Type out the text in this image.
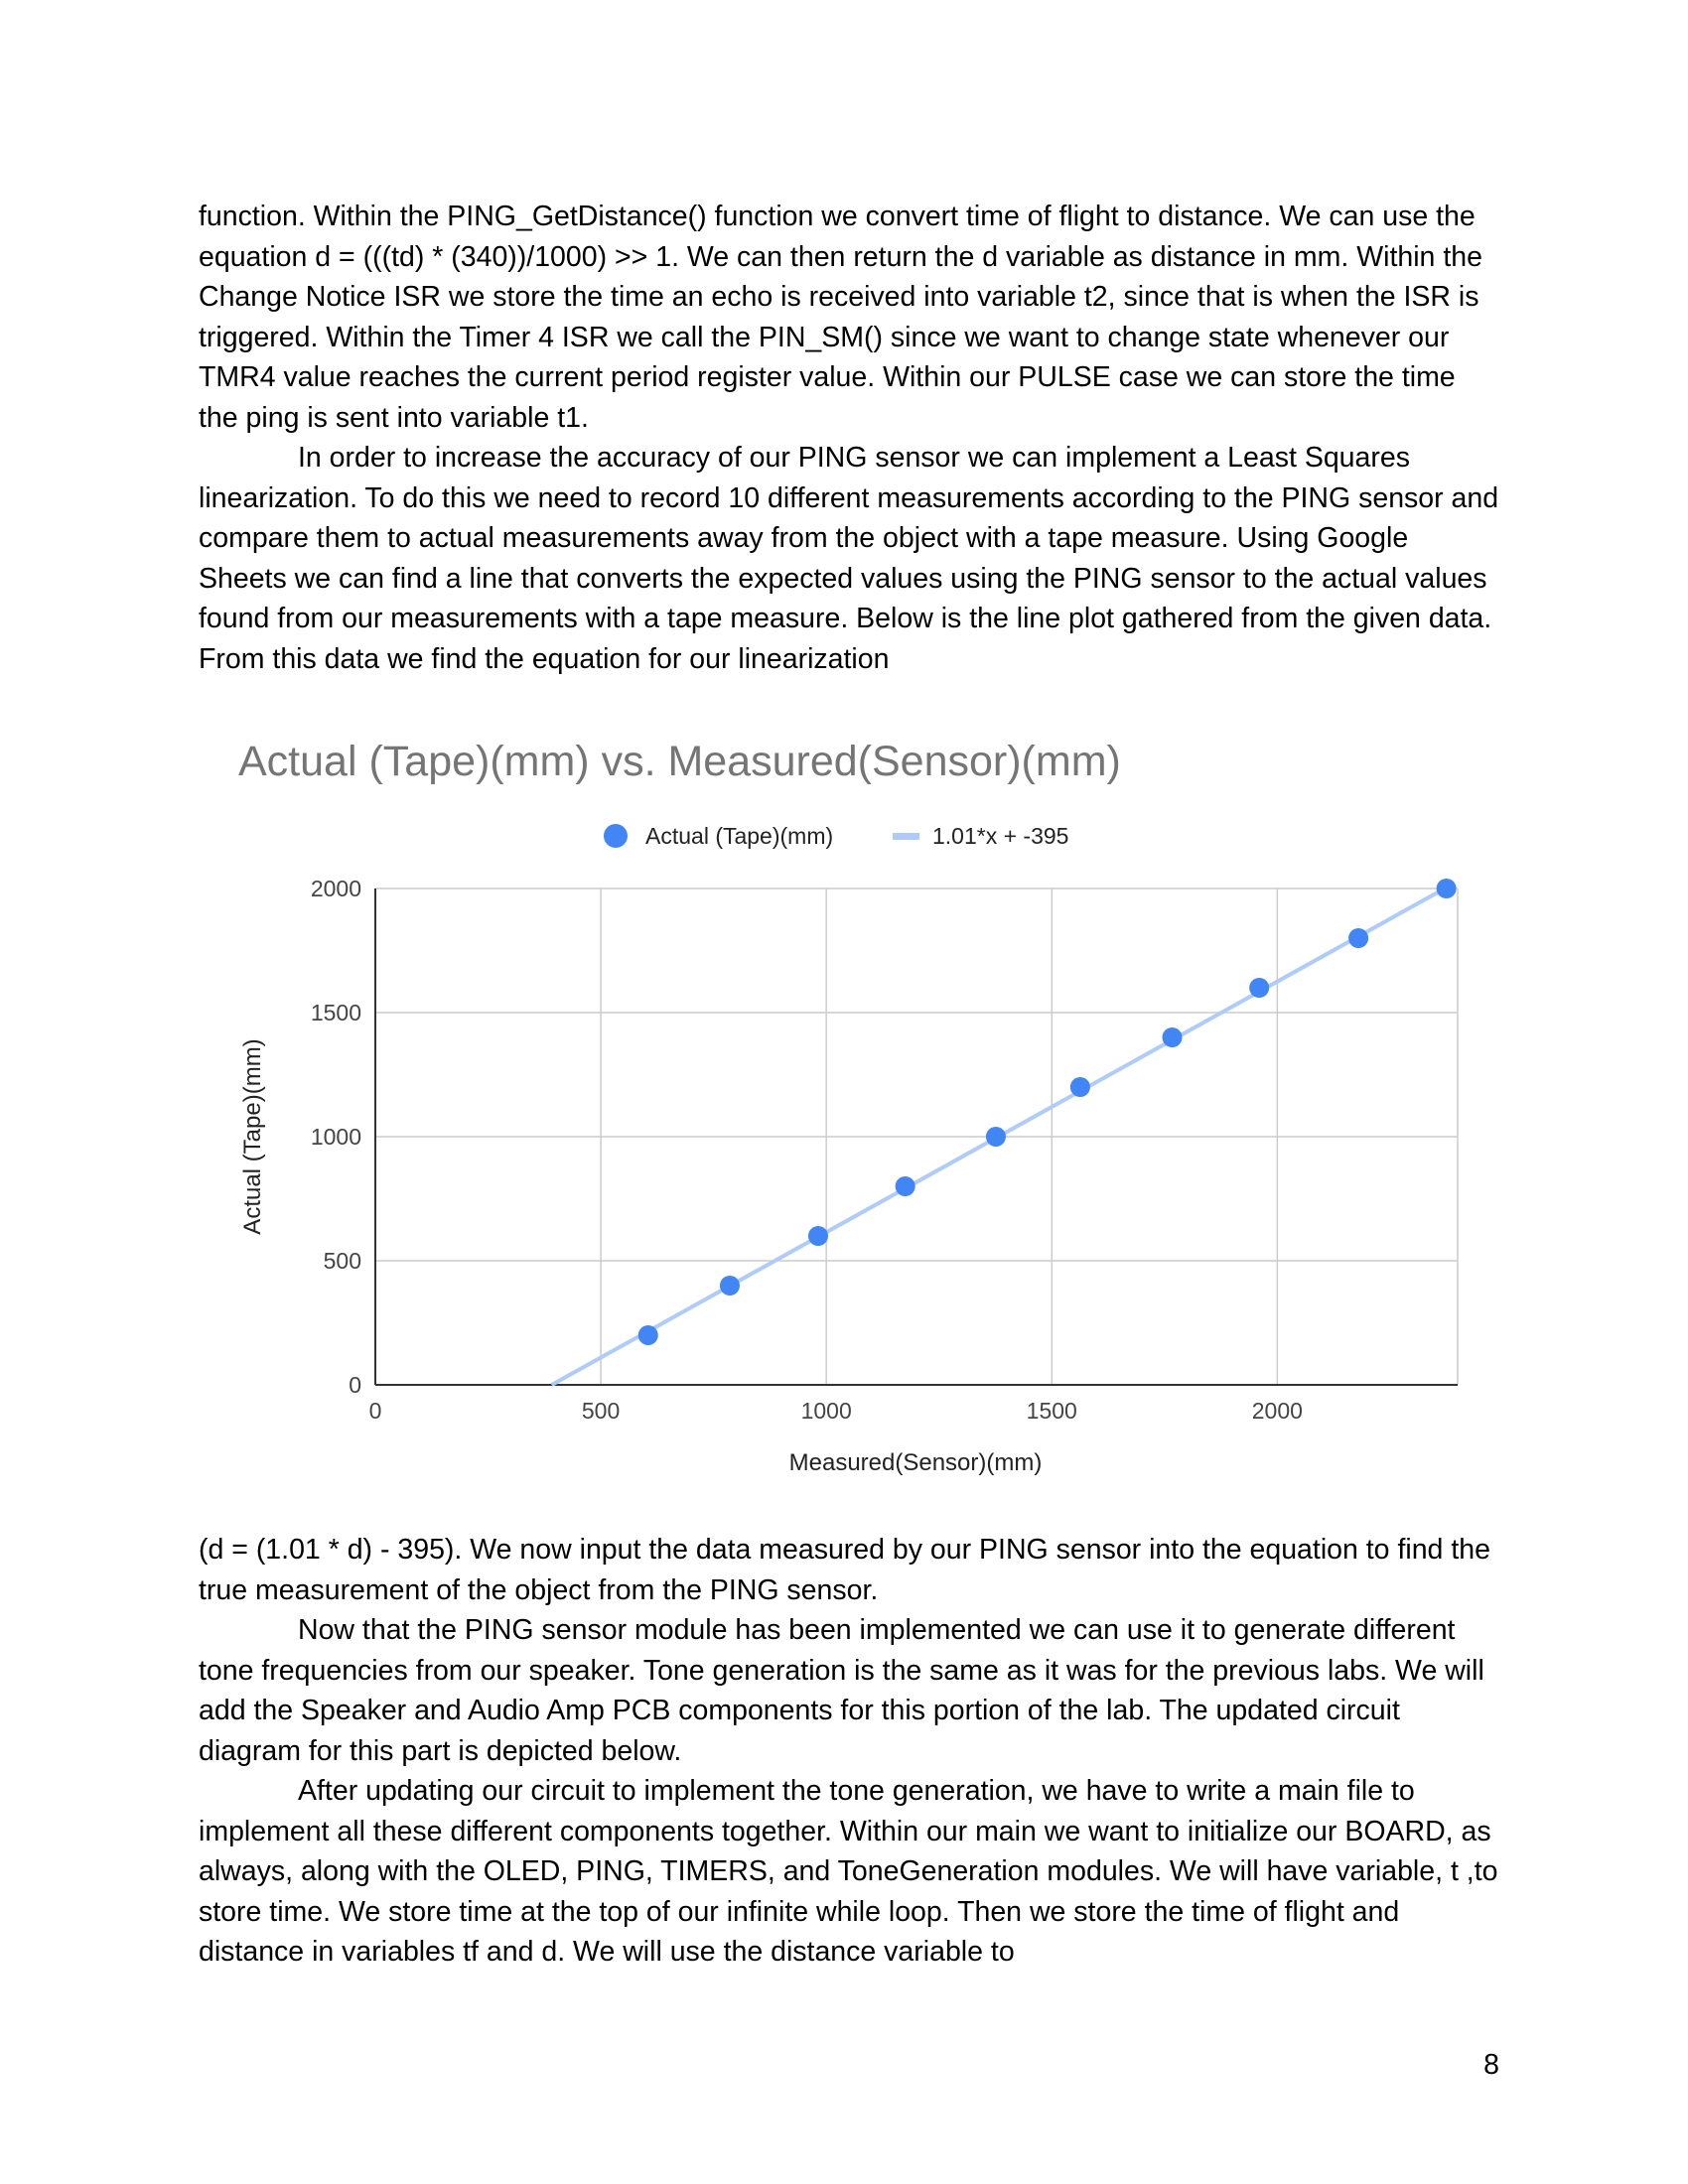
function. Within the PING_GetDistance() function we convert time of flight to distance. We can use the equation d = (((td) * (340))/1000) >> 1. We can then return the d variable as distance in mm. Within the Change Notice ISR we store the time an echo is received into variable t2, since that is when the ISR is triggered. Within the Timer 4 ISR we call the PIN_SM() since we want to change state whenever our TMR4 value reaches the current period register value. Within our PULSE case we can store the time the ping is sent into variable t1.

In order to increase the accuracy of our PING sensor we can implement a Least Squares linearization. To do this we need to record 10 different measurements according to the PING sensor and compare them to actual measurements away from the object with a tape measure. Using Google Sheets we can find a line that converts the expected values using the PING sensor to the actual values found from our measurements with a tape measure. Below is the line plot gathered from the given data. From this data we find the equation for our linearization

Actual (Tape)(mm) vs. Measured(Sensor)(mm)
Actual (Tape)(mm)	1.01*x + -395
0	500	1000	1500	2000
0
500
1000
1500
2000
Measured(Sensor)(mm)
Actual (Tape)(mm)

(d = (1.01 * d) - 395). We now input the data measured by our PING sensor into the equation to find the true measurement of the object from the PING sensor.

Now that the PING sensor module has been implemented we can use it to generate different tone frequencies from our speaker. Tone generation is the same as it was for the previous labs. We will add the Speaker and Audio Amp PCB components for this portion of the lab. The updated circuit diagram for this part is depicted below.

After updating our circuit to implement the tone generation, we have to write a main file to implement all these different components together. Within our main we want to initialize our BOARD, as always, along with the OLED, PING, TIMERS, and ToneGeneration modules. We will have variable, t ,to store time. We store time at the top of our infinite while loop. Then we store the time of flight and distance in variables tf and d. We will use the distance variable to

8
